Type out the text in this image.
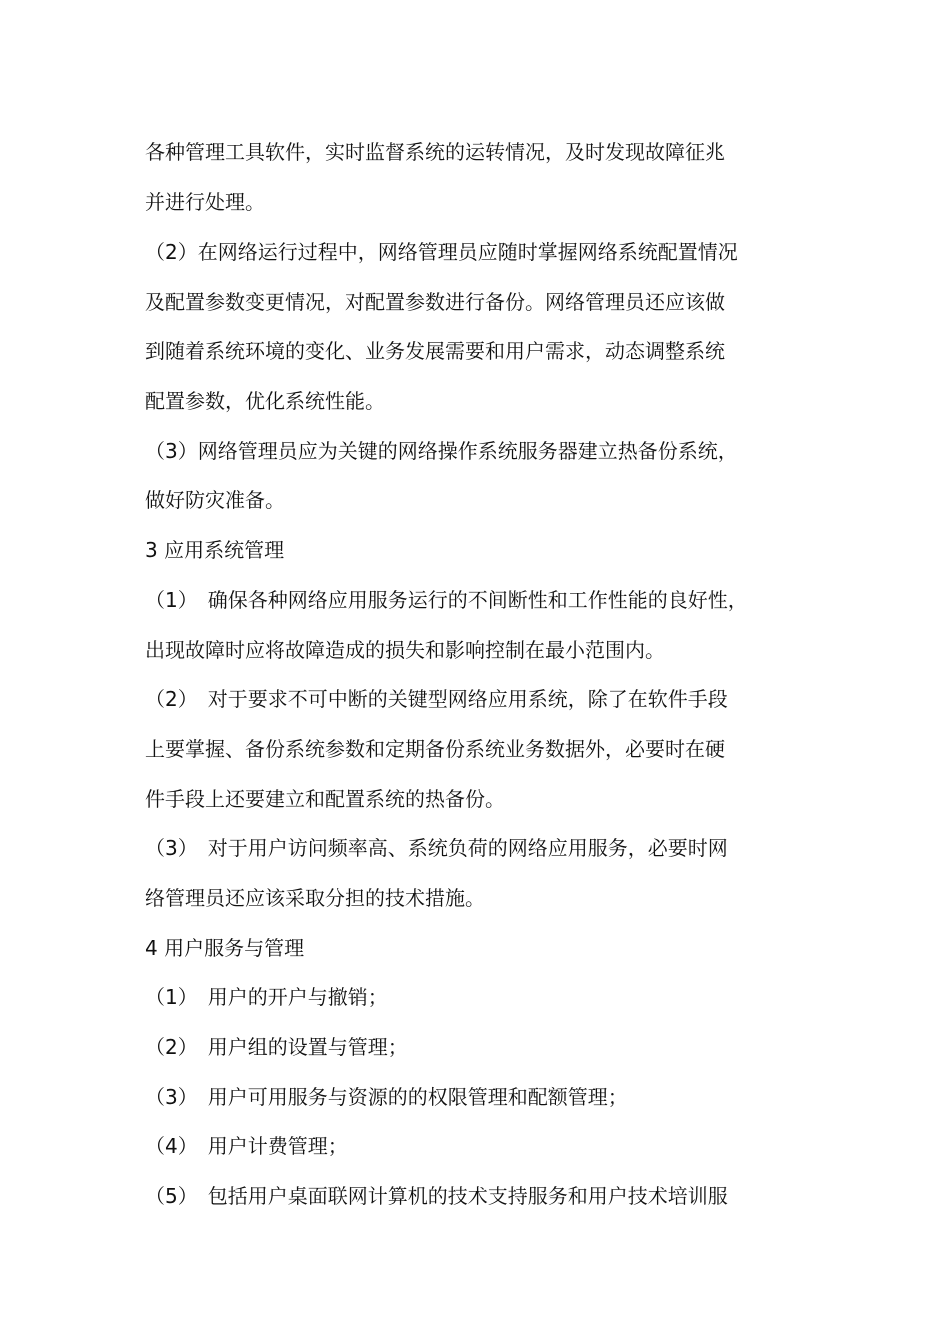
各种管理工具软件，实时监督系统的运转情况，及时发现故障征兆
并进行处理。
（2）在网络运行过程中，网络管理员应随时掌握网络系统配置情况
及配置参数变更情况，对配置参数进行备份。网络管理员还应该做
到随着系统环境的变化、业务发展需要和用户需求，动态调整系统
配置参数，优化系统性能。
（3）网络管理员应为关键的网络操作系统服务器建立热备份系统，
做好防灾准备。
3 应用系统管理
（1）　确保各种网络应用服务运行的不间断性和工作性能的良好性，
出现故障时应将故障造成的损失和影响控制在最小范围内。
（2）　对于要求不可中断的关键型网络应用系统，除了在软件手段
上要掌握、备份系统参数和定期备份系统业务数据外，必要时在硬
件手段上还要建立和配置系统的热备份。
（3）　对于用户访问频率高、系统负荷的网络应用服务，必要时网
络管理员还应该采取分担的技术措施。
4 用户服务与管理
（1）　用户的开户与撤销；
（2）　用户组的设置与管理；
（3）　用户可用服务与资源的的权限管理和配额管理；
（4）　用户计费管理；
（5）　包括用户桌面联网计算机的技术支持服务和用户技术培训服
